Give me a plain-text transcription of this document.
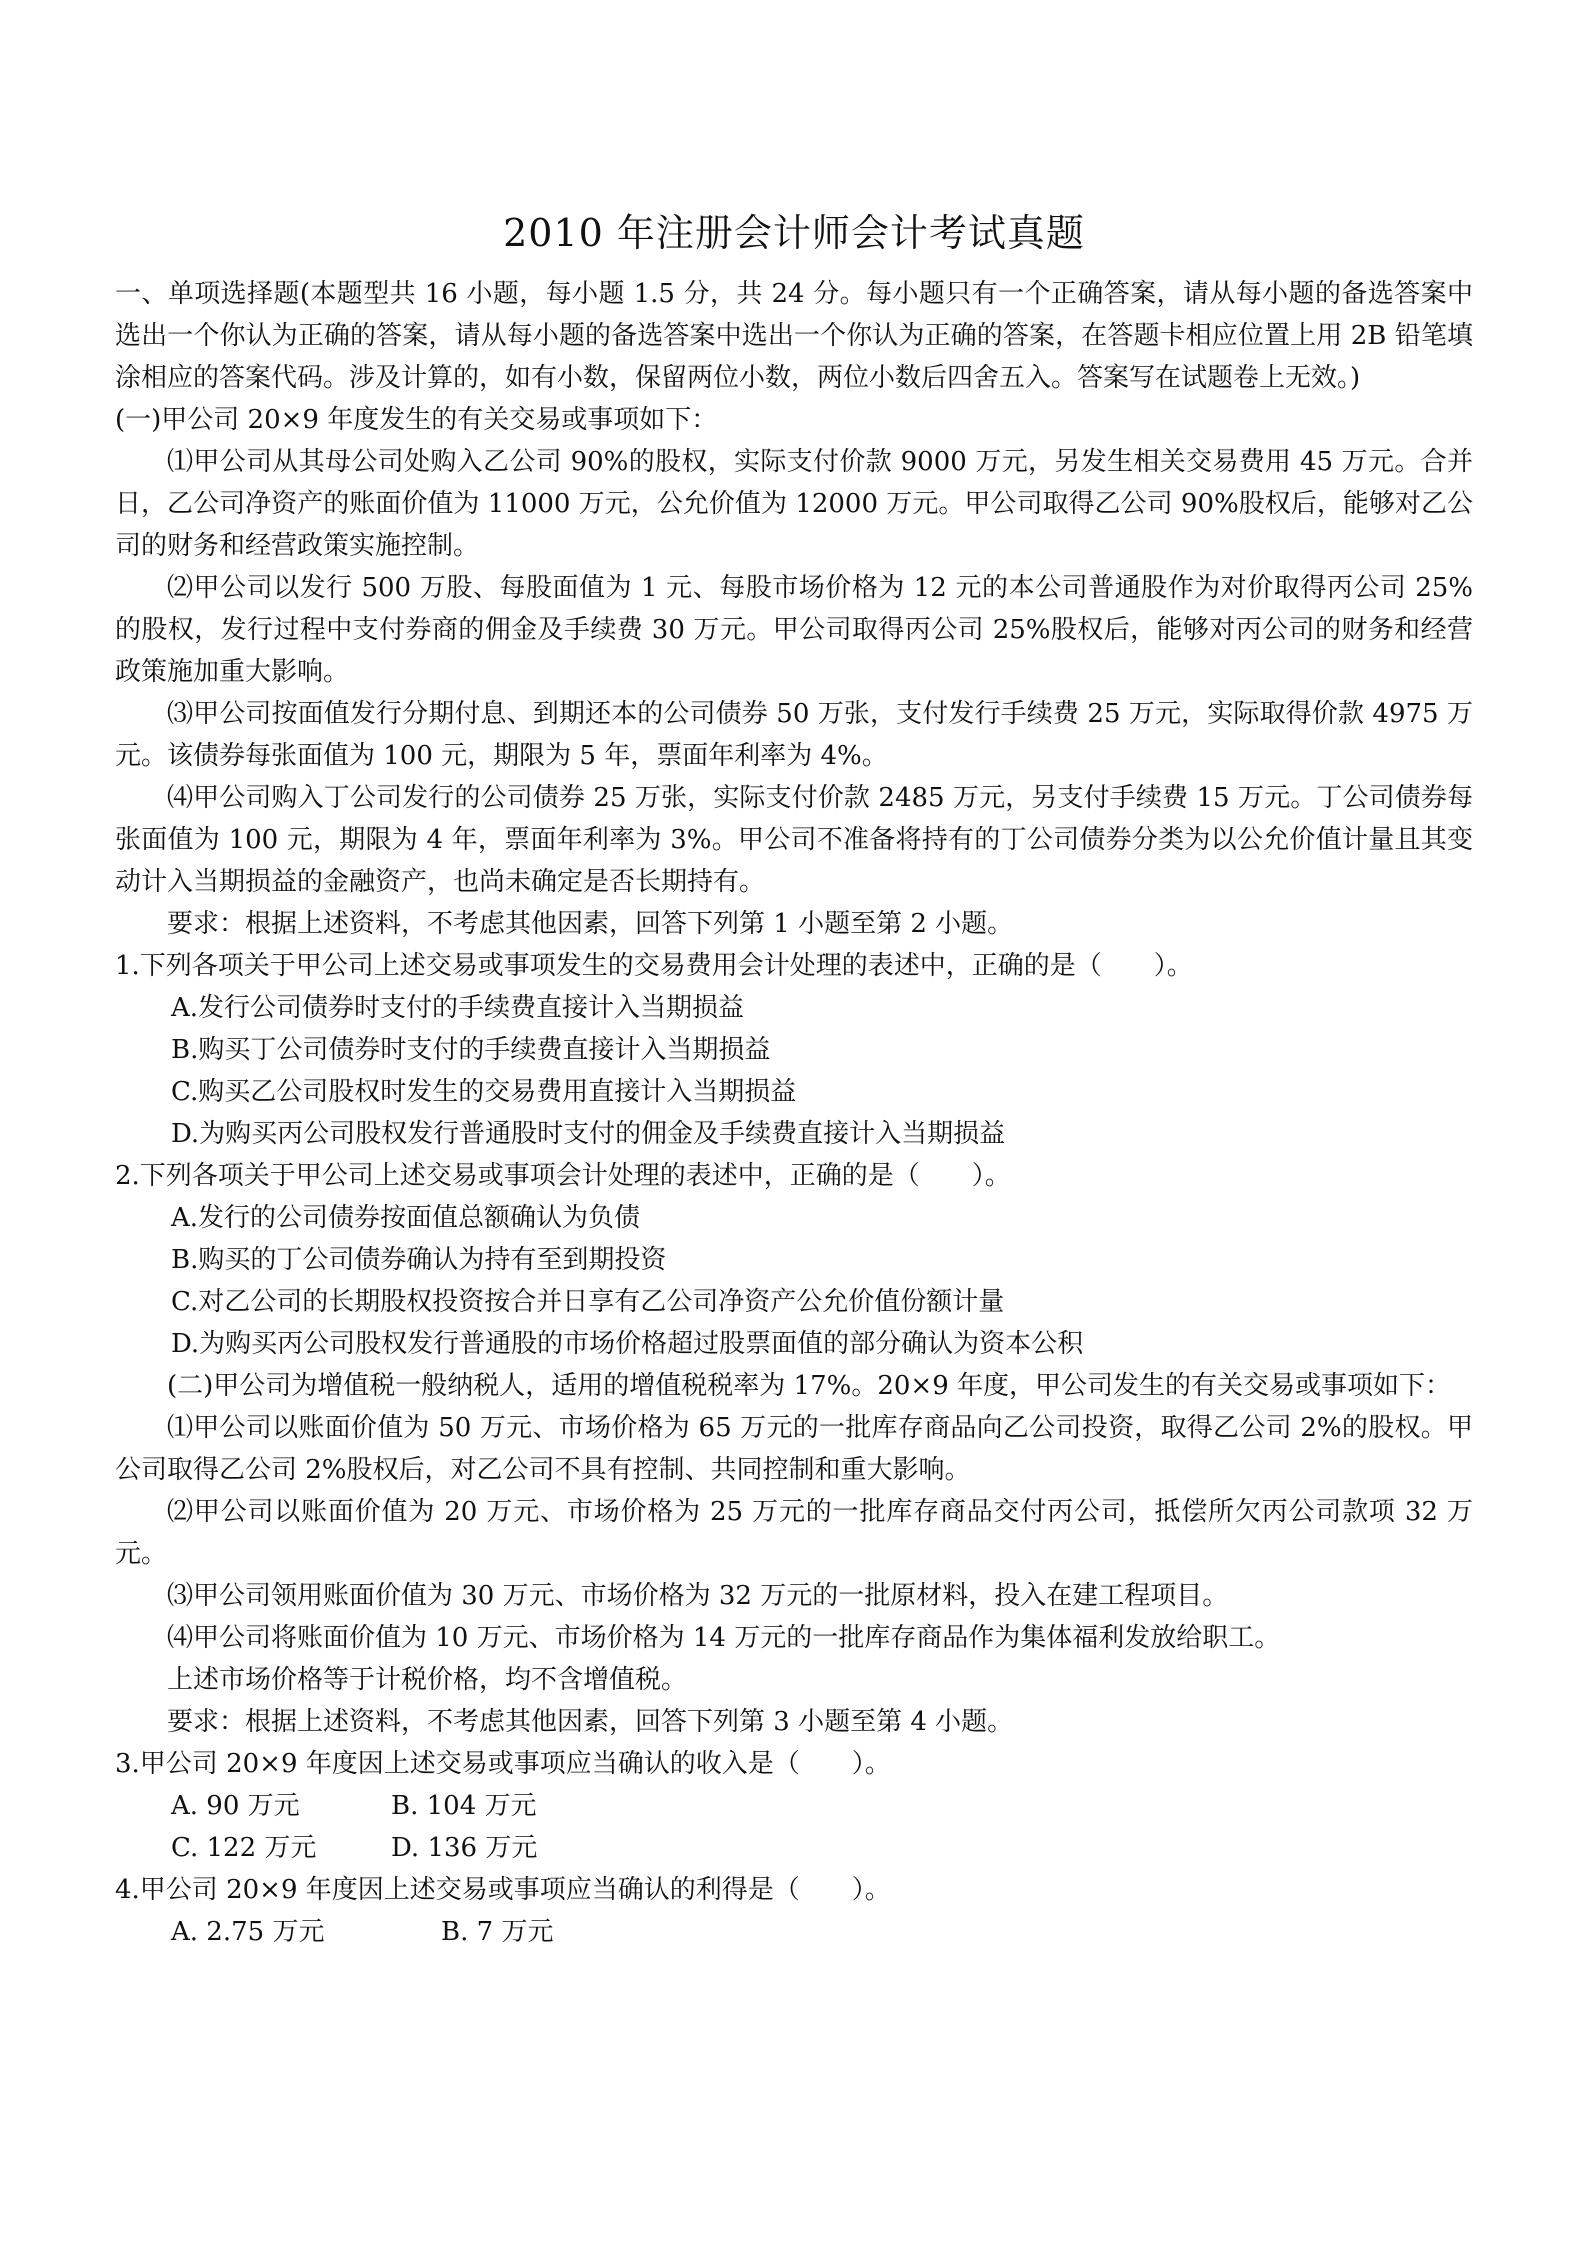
2010 年注册会计师会计考试真题

一、单项选择题(本题型共 16 小题，每小题 1.5 分，共 24 分。每小题只有一个正确答案，请从每小题的备选答案中选出一个你认为正确的答案，请从每小题的备选答案中选出一个你认为正确的答案，在答题卡相应位置上用 2B 铅笔填涂相应的答案代码。涉及计算的，如有小数，保留两位小数，两位小数后四舍五入。答案写在试题卷上无效。)

(一)甲公司 20×9 年度发生的有关交易或事项如下：

⑴甲公司从其母公司处购入乙公司 90%的股权，实际支付价款 9000 万元，另发生相关交易费用 45 万元。合并日，乙公司净资产的账面价值为 11000 万元，公允价值为 12000 万元。甲公司取得乙公司 90%股权后，能够对乙公司的财务和经营政策实施控制。

⑵甲公司以发行 500 万股、每股面值为 1 元、每股市场价格为 12 元的本公司普通股作为对价取得丙公司 25%的股权，发行过程中支付券商的佣金及手续费 30 万元。甲公司取得丙公司 25%股权后，能够对丙公司的财务和经营政策施加重大影响。

⑶甲公司按面值发行分期付息、到期还本的公司债券 50 万张，支付发行手续费 25 万元，实际取得价款 4975 万元。该债券每张面值为 100 元，期限为 5 年，票面年利率为 4%。

⑷甲公司购入丁公司发行的公司债券 25 万张，实际支付价款 2485 万元，另支付手续费 15 万元。丁公司债券每张面值为 100 元，期限为 4 年，票面年利率为 3%。甲公司不准备将持有的丁公司债券分类为以公允价值计量且其变动计入当期损益的金融资产，也尚未确定是否长期持有。

要求：根据上述资料，不考虑其他因素，回答下列第 1 小题至第 2 小题。

1.下列各项关于甲公司上述交易或事项发生的交易费用会计处理的表述中，正确的是（　　）。

A.发行公司债券时支付的手续费直接计入当期损益

B.购买丁公司债券时支付的手续费直接计入当期损益

C.购买乙公司股权时发生的交易费用直接计入当期损益

D.为购买丙公司股权发行普通股时支付的佣金及手续费直接计入当期损益

2.下列各项关于甲公司上述交易或事项会计处理的表述中，正确的是（　　）。

A.发行的公司债券按面值总额确认为负债

B.购买的丁公司债券确认为持有至到期投资

C.对乙公司的长期股权投资按合并日享有乙公司净资产公允价值份额计量

D.为购买丙公司股权发行普通股的市场价格超过股票面值的部分确认为资本公积

(二)甲公司为增值税一般纳税人，适用的增值税税率为 17%。20×9 年度，甲公司发生的有关交易或事项如下：

⑴甲公司以账面价值为 50 万元、市场价格为 65 万元的一批库存商品向乙公司投资，取得乙公司 2%的股权。甲公司取得乙公司 2%股权后，对乙公司不具有控制、共同控制和重大影响。

⑵甲公司以账面价值为 20 万元、市场价格为 25 万元的一批库存商品交付丙公司，抵偿所欠丙公司款项 32 万元。

⑶甲公司领用账面价值为 30 万元、市场价格为 32 万元的一批原材料，投入在建工程项目。

⑷甲公司将账面价值为 10 万元、市场价格为 14 万元的一批库存商品作为集体福利发放给职工。

上述市场价格等于计税价格，均不含增值税。

要求：根据上述资料，不考虑其他因素，回答下列第 3 小题至第 4 小题。

3.甲公司 20×9 年度因上述交易或事项应当确认的收入是（　　）。

A. 90 万元	B. 104 万元
C. 122 万元	D. 136 万元

4.甲公司 20×9 年度因上述交易或事项应当确认的利得是（　　）。

A. 2.75 万元	B. 7 万元
